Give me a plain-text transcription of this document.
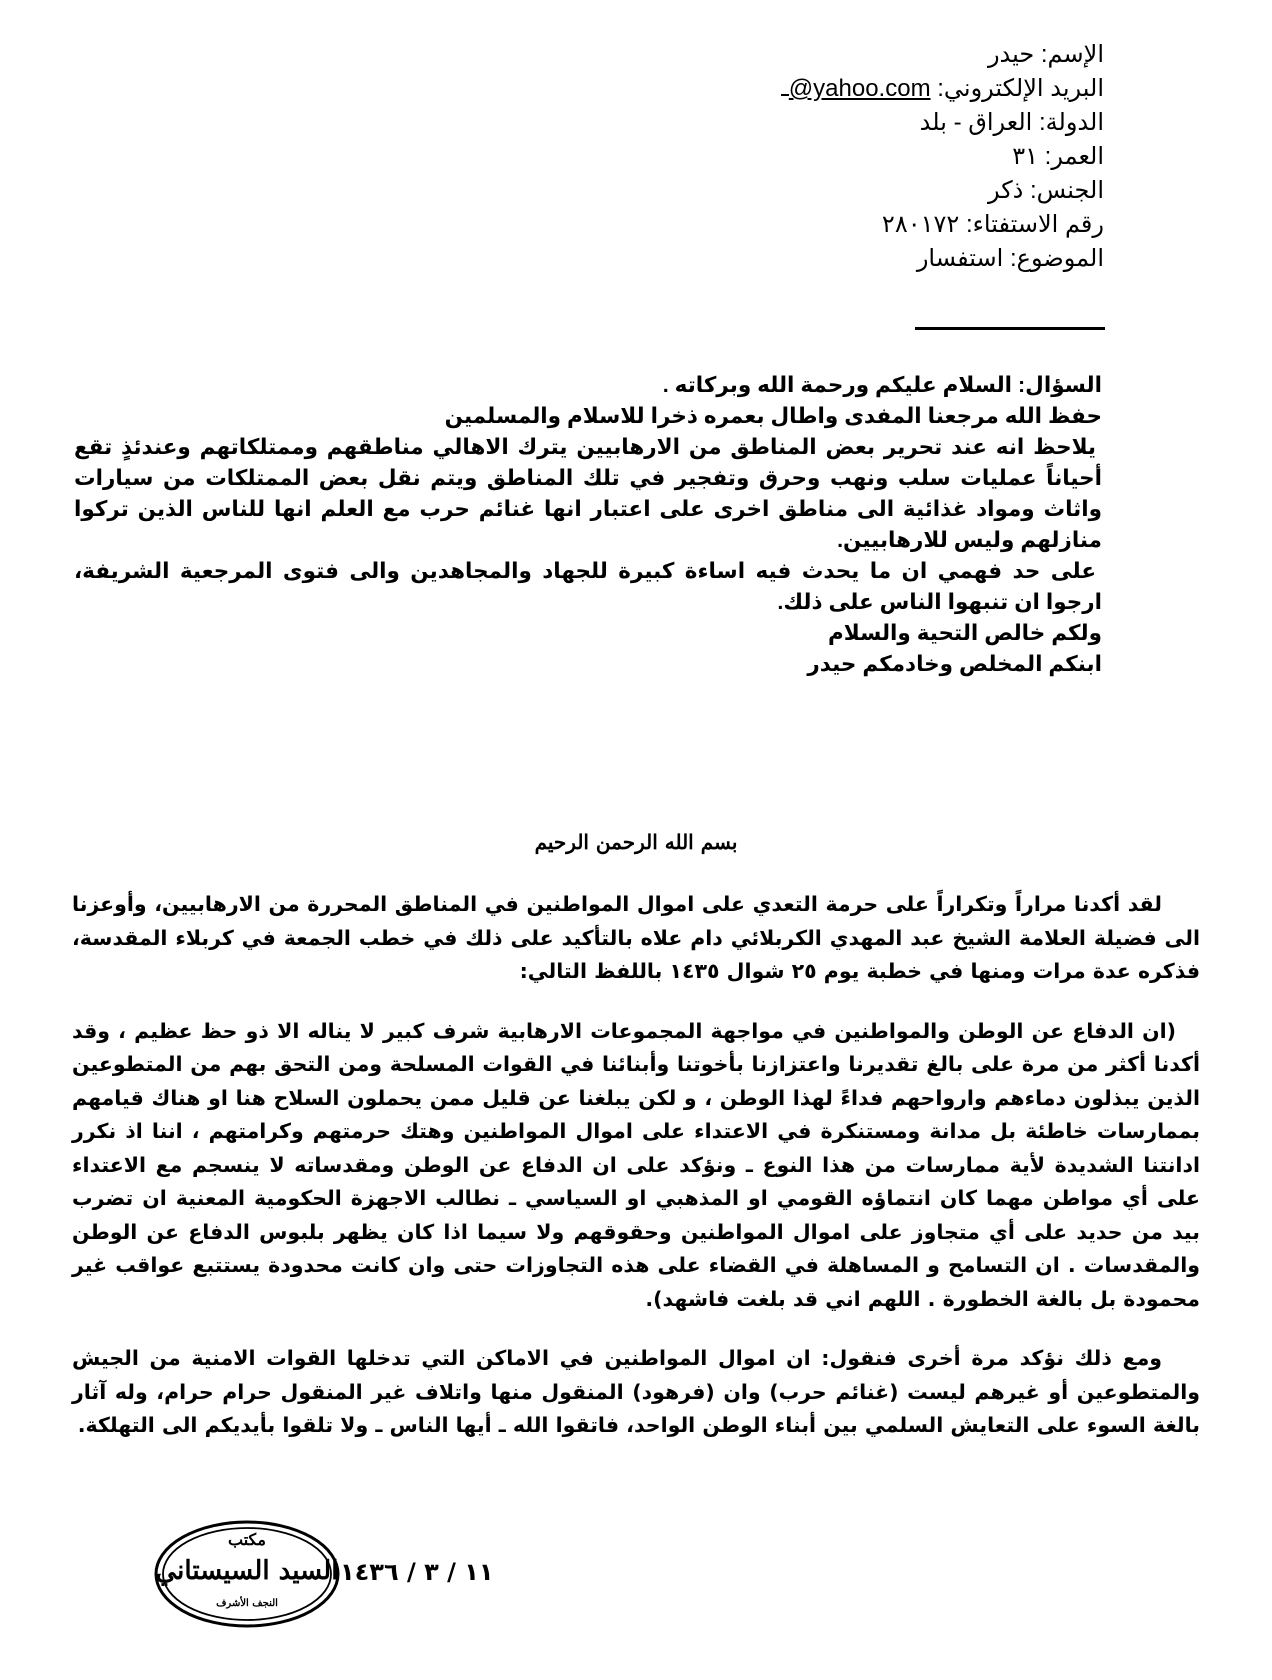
الإسم: حيدر
البريد الإلكتروني: @yahoo.com
الدولة: العراق - بلد
العمر: ٣١
الجنس: ذكر
رقم الاستفتاء: ٢٨٠١٧٢
الموضوع: استفسار

السؤال: السلام عليكم ورحمة الله وبركاته .

حفظ الله مرجعنا المفدى واطال بعمره ذخرا للاسلام والمسلمين

يلاحظ انه عند تحرير بعض المناطق من الارهابيين يترك الاهالي مناطقهم وممتلكاتهم وعندئذٍ تقع أحياناً عمليات سلب ونهب وحرق وتفجير في تلك المناطق ويتم نقل بعض الممتلكات من سيارات واثاث ومواد غذائية الى مناطق اخرى على اعتبار انها غنائم حرب مع العلم انها للناس الذين تركوا منازلهم وليس للارهابيين.

على حد فهمي ان ما يحدث فيه اساءة كبيرة للجهاد والمجاهدين والى فتوى المرجعية الشريفة، ارجوا ان تنبهوا الناس على ذلك.

ولكم خالص التحية والسلام

ابنكم المخلص وخادمكم حيدر

بسم الله الرحمن الرحيم

لقد أكدنا مراراً وتكراراً على حرمة التعدي على اموال المواطنين في المناطق المحررة من الارهابيين، وأوعزنا الى فضيلة العلامة الشيخ عبد المهدي الكربلائي دام علاه بالتأكيد على ذلك في خطب الجمعة في كربلاء المقدسة، فذكره عدة مرات ومنها في خطبة يوم ٢٥ شوال ١٤٣٥ باللفظ التالي:

(ان الدفاع عن الوطن والمواطنين في مواجهة المجموعات الارهابية شرف كبير لا يناله الا ذو حظ عظيم ، وقد أكدنا أكثر من مرة على بالغ تقديرنا واعتزازنا بأخوتنا وأبنائنا في القوات المسلحة ومن التحق بهم من المتطوعين الذين يبذلون دماءهم وارواحهم فداءً لهذا الوطن ، و لكن يبلغنا عن قليل ممن يحملون السلاح هنا او هناك قيامهم بممارسات خاطئة بل مدانة ومستنكرة في الاعتداء على اموال المواطنين وهتك حرمتهم وكرامتهم ، اننا اذ نكرر ادانتنا الشديدة لأية ممارسات من هذا النوع ـ ونؤكد على ان الدفاع عن الوطن ومقدساته لا ينسجم مع الاعتداء على أي مواطن مهما كان انتماؤه القومي او المذهبي او السياسي ـ نطالب الاجهزة الحكومية المعنية ان تضرب بيد من حديد على أي متجاوز على اموال المواطنين وحقوقهم ولا سيما اذا كان يظهر بلبوس الدفاع عن الوطن والمقدسات . ان التسامح و المساهلة في القضاء على هذه التجاوزات حتى وان كانت محدودة يستتبع عواقب غير محمودة بل بالغة الخطورة . اللهم اني قد بلغت فاشهد).

ومع ذلك نؤكد مرة أخرى فنقول: ان اموال المواطنين في الاماكن التي تدخلها القوات الامنية من الجيش والمتطوعين أو غيرهم ليست (غنائم حرب) وان (فرهود) المنقول منها واتلاف غير المنقول حرام حرام، وله آثار بالغة السوء على التعايش السلمي بين أبناء الوطن الواحد، فاتقوا الله ـ أيها الناس ـ ولا تلقوا بأيديكم الى التهلكة.

مكتب
السيد السيستاني
النجف الأشرف
١١ / ٣ / ١٤٣٦
